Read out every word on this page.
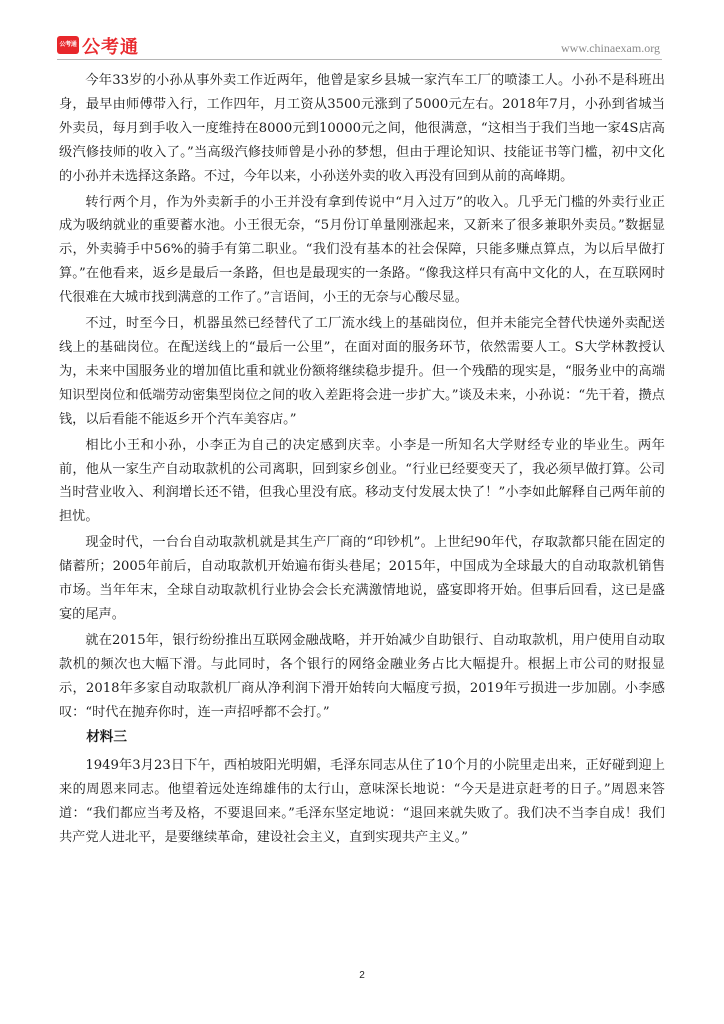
公考通 公考通	www.chinaexam.org

今年33岁的小孙从事外卖工作近两年，他曾是家乡县城一家汽车工厂的喷漆工人。小孙不是科班出身，最早由师傅带入行，工作四年，月工资从3500元涨到了5000元左右。2018年7月，小孙到省城当外卖员，每月到手收入一度维持在8000元到10000元之间，他很满意，“这相当于我们当地一家4S店高级汽修技师的收入了。”当高级汽修技师曾是小孙的梦想，但由于理论知识、技能证书等门槛，初中文化的小孙并未选择这条路。不过，今年以来，小孙送外卖的收入再没有回到从前的高峰期。

转行两个月，作为外卖新手的小王并没有拿到传说中“月入过万”的收入。几乎无门槛的外卖行业正成为吸纳就业的重要蓄水池。小王很无奈，“5月份订单量刚涨起来，又新来了很多兼职外卖员。”数据显示，外卖骑手中56%的骑手有第二职业。“我们没有基本的社会保障，只能多赚点算点，为以后早做打算。”在他看来，返乡是最后一条路，但也是最现实的一条路。“像我这样只有高中文化的人，在互联网时代很难在大城市找到满意的工作了。”言语间，小王的无奈与心酸尽显。

不过，时至今日，机器虽然已经替代了工厂流水线上的基础岗位，但并未能完全替代快递外卖配送线上的基础岗位。在配送线上的“最后一公里”，在面对面的服务环节，依然需要人工。S大学林教授认为，未来中国服务业的增加值比重和就业份额将继续稳步提升。但一个残酷的现实是，“服务业中的高端知识型岗位和低端劳动密集型岗位之间的收入差距将会进一步扩大。”谈及未来，小孙说：“先干着，攒点钱，以后看能不能返乡开个汽车美容店。”

相比小王和小孙，小李正为自己的决定感到庆幸。小李是一所知名大学财经专业的毕业生。两年前，他从一家生产自动取款机的公司离职，回到家乡创业。“行业已经要变天了，我必须早做打算。公司当时营业收入、利润增长还不错，但我心里没有底。移动支付发展太快了！”小李如此解释自己两年前的担忧。

现金时代，一台台自动取款机就是其生产厂商的“印钞机”。上世纪90年代，存取款都只能在固定的储蓄所；2005年前后，自动取款机开始遍布街头巷尾；2015年，中国成为全球最大的自动取款机销售市场。当年年末，全球自动取款机行业协会会长充满激情地说，盛宴即将开始。但事后回看，这已是盛宴的尾声。

就在2015年，银行纷纷推出互联网金融战略，并开始减少自助银行、自动取款机，用户使用自动取款机的频次也大幅下滑。与此同时，各个银行的网络金融业务占比大幅提升。根据上市公司的财报显示，2018年多家自动取款机厂商从净利润下滑开始转向大幅度亏损，2019年亏损进一步加剧。小李感叹：“时代在抛弃你时，连一声招呼都不会打。”

材料三

1949年3月23日下午，西柏坡阳光明媚，毛泽东同志从住了10个月的小院里走出来，正好碰到迎上来的周恩来同志。他望着远处连绵雄伟的太行山，意味深长地说：“今天是进京赶考的日子。”周恩来答道：“我们都应当考及格，不要退回来。”毛泽东坚定地说：“退回来就失败了。我们决不当李自成！我们共产党人进北平，是要继续革命，建设社会主义，直到实现共产主义。”

2
